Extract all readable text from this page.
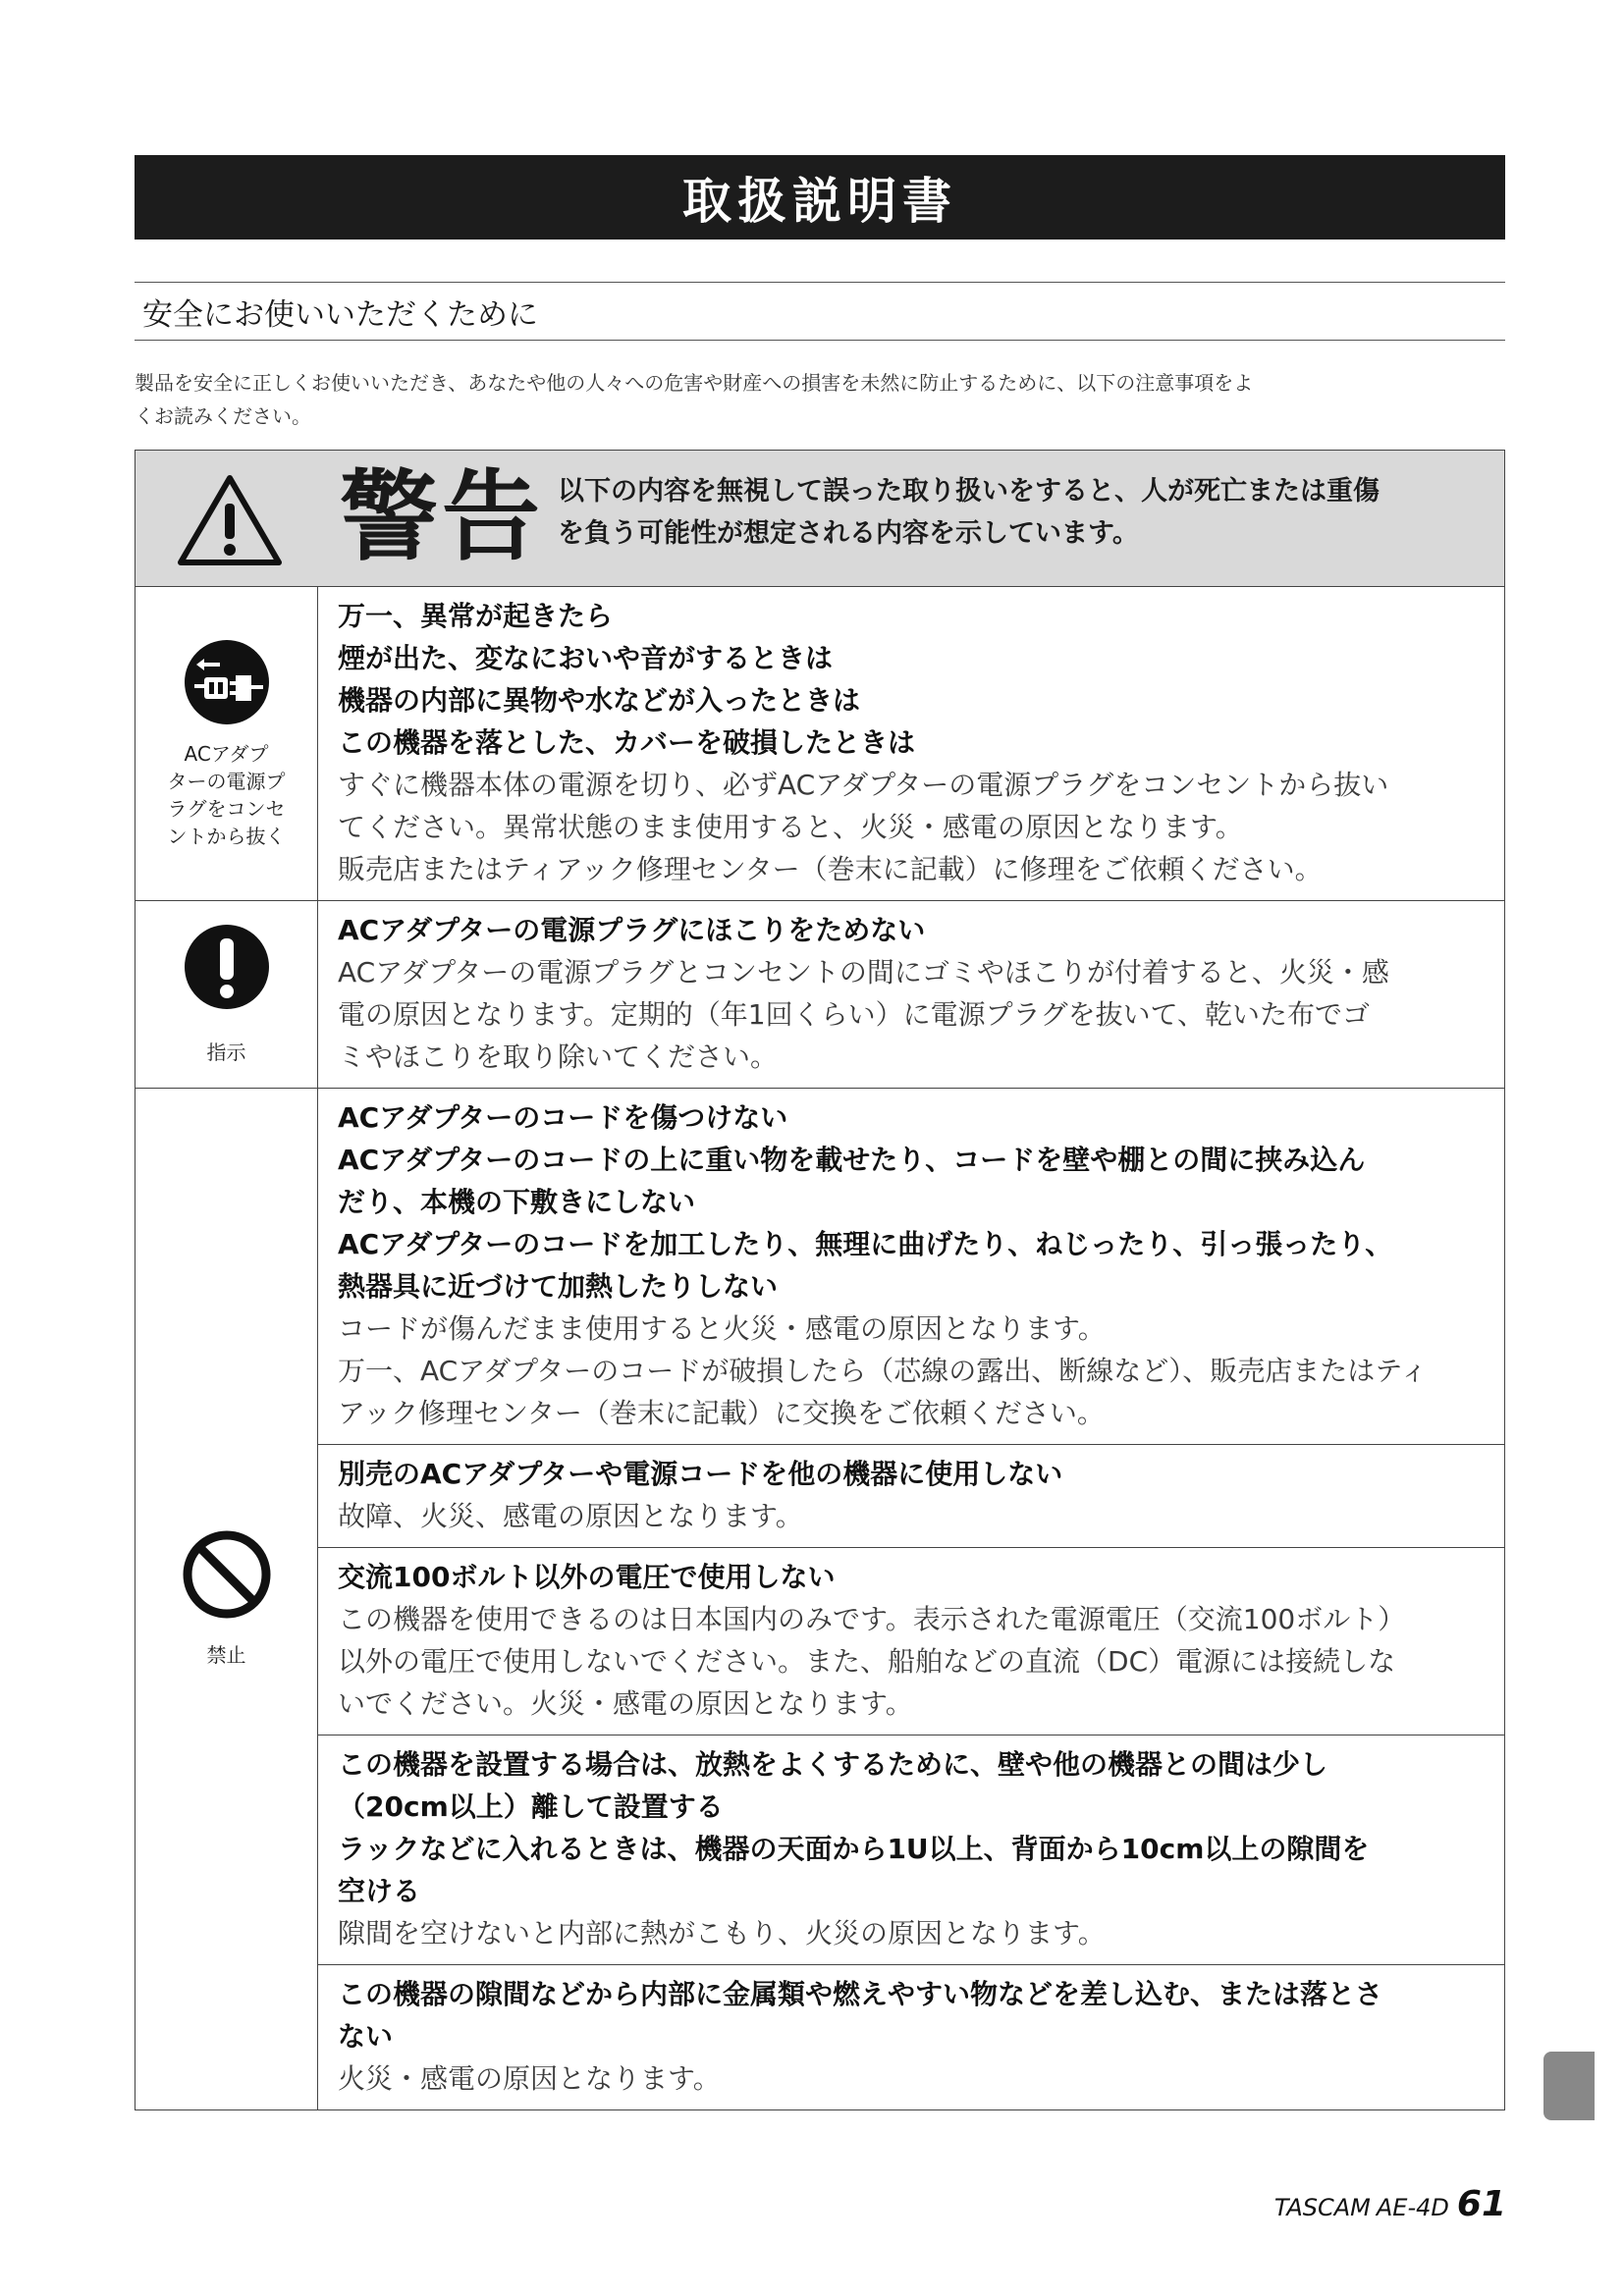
取扱説明書
安全にお使いいただくために
製品を安全に正しくお使いいただき、あなたや他の人々への危害や財産への損害を未然に防止するために、以下の注意事項をよ
くお読みください。
警告 以下の内容を無視して誤った取り扱いをすると、人が死亡または重傷
を負う可能性が想定される内容を示しています。
ACアダプ
ターの電源プ
ラグをコンセ
ントから抜く
万一、異常が起きたら
煙が出た、変なにおいや音がするときは
機器の内部に異物や水などが入ったときは
この機器を落とした、カバーを破損したときは
すぐに機器本体の電源を切り、必ずACアダプターの電源プラグをコンセントから抜い
てください。異常状態のまま使用すると、火災・感電の原因となります。
販売店またはティアック修理センター（巻末に記載）に修理をご依頼ください。
指示
ACアダプターの電源プラグにほこりをためない
ACアダプターの電源プラグとコンセントの間にゴミやほこりが付着すると、火災・感
電の原因となります。定期的（年1回くらい）に電源プラグを抜いて、乾いた布でゴ
ミやほこりを取り除いてください。
禁止
ACアダプターのコードを傷つけない
ACアダプターのコードの上に重い物を載せたり、コードを壁や棚との間に挟み込ん
だり、本機の下敷きにしない
ACアダプターのコードを加工したり、無理に曲げたり、ねじったり、引っ張ったり、
熱器具に近づけて加熱したりしない
コードが傷んだまま使用すると火災・感電の原因となります。
万一、ACアダプターのコードが破損したら（芯線の露出、断線など）、販売店またはティ
アック修理センター（巻末に記載）に交換をご依頼ください。
別売のACアダプターや電源コードを他の機器に使用しない
故障、火災、感電の原因となります。
交流100ボルト以外の電圧で使用しない
この機器を使用できるのは日本国内のみです。表示された電源電圧（交流100ボルト）
以外の電圧で使用しないでください。また、船舶などの直流（DC）電源には接続しな
いでください。火災・感電の原因となります。
この機器を設置する場合は、放熱をよくするために、壁や他の機器との間は少し
（20cm以上）離して設置する
ラックなどに入れるときは、機器の天面から1U以上、背面から10cm以上の隙間を
空ける
隙間を空けないと内部に熱がこもり、火災の原因となります。
この機器の隙間などから内部に金属類や燃えやすい物などを差し込む、または落とさ
ない
火災・感電の原因となります。
TASCAM AE-4D 61
